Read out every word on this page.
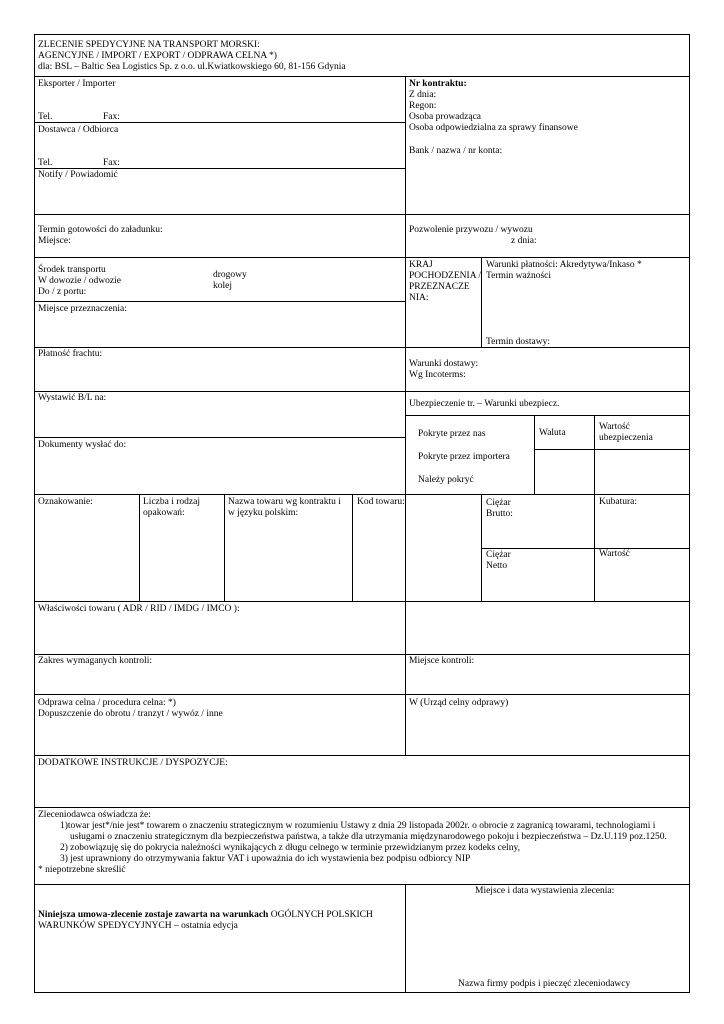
ZLECENIE SPEDYCYJNE NA TRANSPORT MORSKI:
AGENCYJNE / IMPORT / EXPORT / ODPRAWA CELNA *)
dla: BSL – Baltic Sea Logistics Sp. z o.o. ul.Kwiatkowskiego 60, 81-156 Gdynia
Eksporter / Importer
Tel.	Fax:
Dostawca / Odbiorca
Tel.	Fax:
Notify / Powiadomić
Nr kontraktu:
Z dnia:
Regon:
Osoba prowadząca
Osoba odpowiedzialna za sprawy finansowe
Bank / nazwa / nr konta:
Termin gotowości do załadunku:
Miejsce:
Pozwolenie przywozu / wywozu
z dnia:
Środek transportu
W dowozie / odwozie
Do / z portu:
drogowy
kolej
Miejsce przeznaczenia:
KRAJ
POCHODZENIA /
PRZEZNACZE
NIA:
Warunki płatności: Akredytywa/Inkaso *
Termin ważności
Termin dostawy:
Płatność frachtu:
Warunki dostawy:
Wg Incoterms:
Wystawić B/L na:
Dokumenty wysłać do:
Ubezpieczenie tr. – Warunki ubezpiecz.
Pokryte przez nas	Waluta
Wartość
ubezpieczenia
Pokryte przez importera
Należy pokryć
Oznakowanie:	Liczba i rodzaj
opakowań:
Nazwa towaru wg kontraktu i
w języku polskim:
Kod towaru:	Ciężar
Brutto:
Kubatura:
Ciężar
Netto
Wartość
Właściwości towaru ( ADR / RID / IMDG / IMCO ):
Zakres wymaganych kontroli:	Miejsce kontroli:
Odprawa celna / procedura celna: *)
Dopuszczenie do obrotu / tranzyt / wywóz / inne
W (Urząd celny odprawy)
DODATKOWE INSTRUKCJE / DYSPOZYCJE:
Zleceniodawca oświadcza że:
1)towar jest*/nie jest* towarem o znaczeniu strategicznym w rozumieniu Ustawy z dnia 29 listopada 2002r. o obrocie z zagranicą towarami, technologiami i
usługami o znaczeniu strategicznym dla bezpieczeństwa państwa, a także dla utrzymania międzynarodowego pokoju i bezpieczeństwa – Dz.U.119 poz.1250.
2) zobowiązuję się do pokrycia należności wynikających z długu celnego w terminie przewidzianym przez kodeks celny,
3) jest uprawniony do otrzymywania faktur VAT i upoważnia do ich wystawienia bez podpisu odbiorcy NIP
* niepotrzebne skreślić
Niniejsza umowa-zlecenie zostaje zawarta na warunkach OGÓLNYCH POLSKICH
WARUNKÓW SPEDYCYJNYCH – ostatnia edycja
Miejsce i data wystawienia zlecenia:
Nazwa firmy podpis i pieczęć zleceniodawcy
